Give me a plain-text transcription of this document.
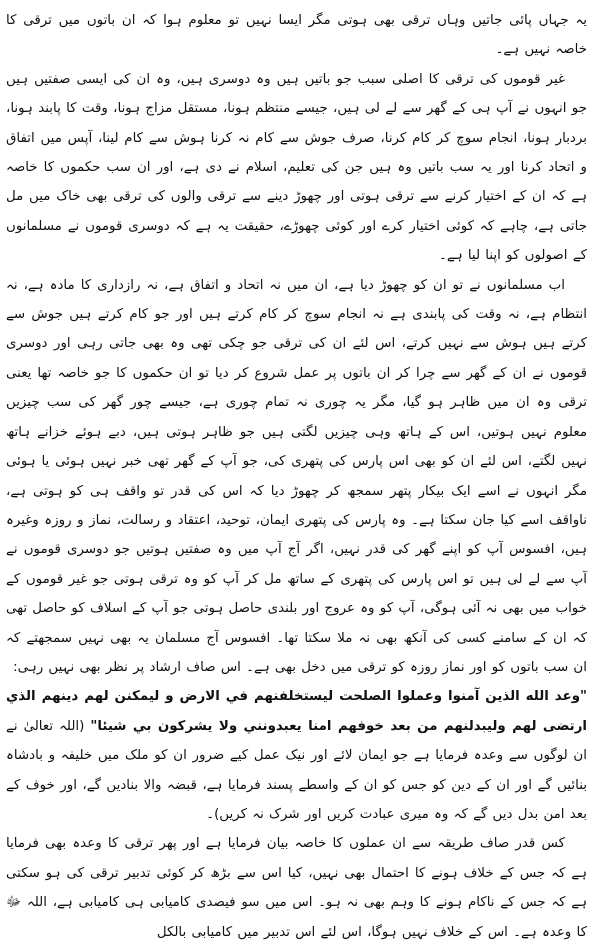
یہ جہاں پائی جاتیں وہاں ترقی بھی ہوتی مگر ایسا نہیں تو معلوم ہوا کہ ان باتوں میں ترقی کا خاصہ نہیں ہے۔

غیر قوموں کی ترقی کا اصلی سبب جو باتیں ہیں وہ دوسری ہیں، وہ ان کی ایسی صفتیں ہیں جو انہوں نے آپ ہی کے گھر سے لے لی ہیں، جیسے منتظم ہونا، مستقل مزاج ہونا، وقت کا پابند ہونا، بردبار ہونا، انجام سوچ کر کام کرنا، صرف جوش سے کام نہ کرنا ہوش سے کام لینا، آپس میں اتفاق و اتحاد کرنا اور یہ سب باتیں وہ ہیں جن کی تعلیم، اسلام نے دی ہے، اور ان سب حکموں کا خاصہ ہے کہ ان کے اختیار کرنے سے ترقی ہوتی اور چھوڑ دینے سے ترقی والوں کی ترقی بھی خاک میں مل جاتی ہے، چاہے کہ کوئی اختیار کرے اور کوئی چھوڑے، حقیقت یہ ہے کہ دوسری قوموں نے مسلمانوں کے اصولوں کو اپنا لیا ہے۔

اب مسلمانوں نے تو ان کو چھوڑ دیا ہے، ان میں نہ اتحاد و اتفاق ہے، نہ رازداری کا مادہ ہے، نہ انتظام ہے، نہ وقت کی پابندی ہے نہ انجام سوچ کر کام کرتے ہیں اور جو کام کرتے ہیں جوش سے کرتے ہیں ہوش سے نہیں کرتے، اس لئے ان کی ترقی جو چکی تھی وہ بھی جاتی رہی اور دوسری قوموں نے ان کے گھر سے چرا کر ان باتوں پر عمل شروع کر دیا تو ان حکموں کا جو خاصہ تھا یعنی ترقی وہ ان میں ظاہر ہو گیا، مگر یہ چوری نہ تمام چوری ہے، جیسے چور گھر کی سب چیزیں معلوم نہیں ہوتیں، اس کے ہاتھ وہی چیزیں لگتی ہیں جو ظاہر ہوتی ہیں، دبے ہوئے خزانے ہاتھ نہیں لگتے، اس لئے ان کو بھی اس پارس کی پتھری کی، جو آپ کے گھر تھی خبر نہیں ہوئی یا ہوئی مگر انہوں نے اسے ایک بیکار پتھر سمجھ کر چھوڑ دیا کہ اس کی قدر تو واقف ہی کو ہوتی ہے، ناواقف اسے کیا جان سکتا ہے۔ وہ پارس کی پتھری ایمان، توحید، اعتقاد و رسالت، نماز و روزہ وغیرہ ہیں، افسوس آپ کو اپنے گھر کی قدر نہیں، اگر آج آپ میں وہ صفتیں ہوتیں جو دوسری قوموں نے آپ سے لے لی ہیں تو اس پارس کی پتھری کے ساتھ مل کر آپ کو وہ ترقی ہوتی جو غیر قوموں کے خواب میں بھی نہ آئی ہوگی، آپ کو وہ عروج اور بلندی حاصل ہوتی جو آپ کے اسلاف کو حاصل تھی کہ ان کے سامنے کسی کی آنکھ بھی نہ ملا سکتا تھا۔ افسوس آج مسلمان یہ بھی نہیں سمجھتے کہ ان سب باتوں کو اور نماز روزہ کو ترقی میں دخل بھی ہے۔ اس صاف ارشاد پر نظر بھی نہیں رہی:

"وعد الله الذين آمنوا وعملوا الصلحت ليستخلفنهم في الارض و ليمكنن لهم دينهم الذي ارتضى لهم وليبدلنهم من بعد خوفهم امنا يعبدونني ولا يشركون بي شيئا" (اللہ تعالیٰ نے ان لوگوں سے وعدہ فرمایا ہے جو ایمان لائے اور نیک عمل کیے ضرور ان کو ملک میں خلیفہ و بادشاہ بنائیں گے اور ان کے دین کو جس کو ان کے واسطے پسند فرمایا ہے، قبضہ والا بنادیں گے، اور خوف کے بعد امن بدل دیں گے کہ وہ میری عبادت کریں اور شرک نہ کریں)۔

کس قدر صاف طریقہ سے ان عملوں کا خاصہ بیان فرمایا ہے اور پھر ترقی کا وعدہ بھی فرمایا ہے کہ جس کے خلاف ہونے کا احتمال بھی نہیں، کیا اس سے بڑھ کر کوئی تدبیر ترقی کی ہو سکتی ہے کہ جس کے ناکام ہونے کا وہم بھی نہ ہو۔ اس میں سو فیصدی کامیابی ہی کامیابی ہے، اللہ ﷻ کا وعدہ ہے۔ اس کے خلاف نہیں ہوگا، اس لئے اس تدبیر میں کامیابی بالکل
